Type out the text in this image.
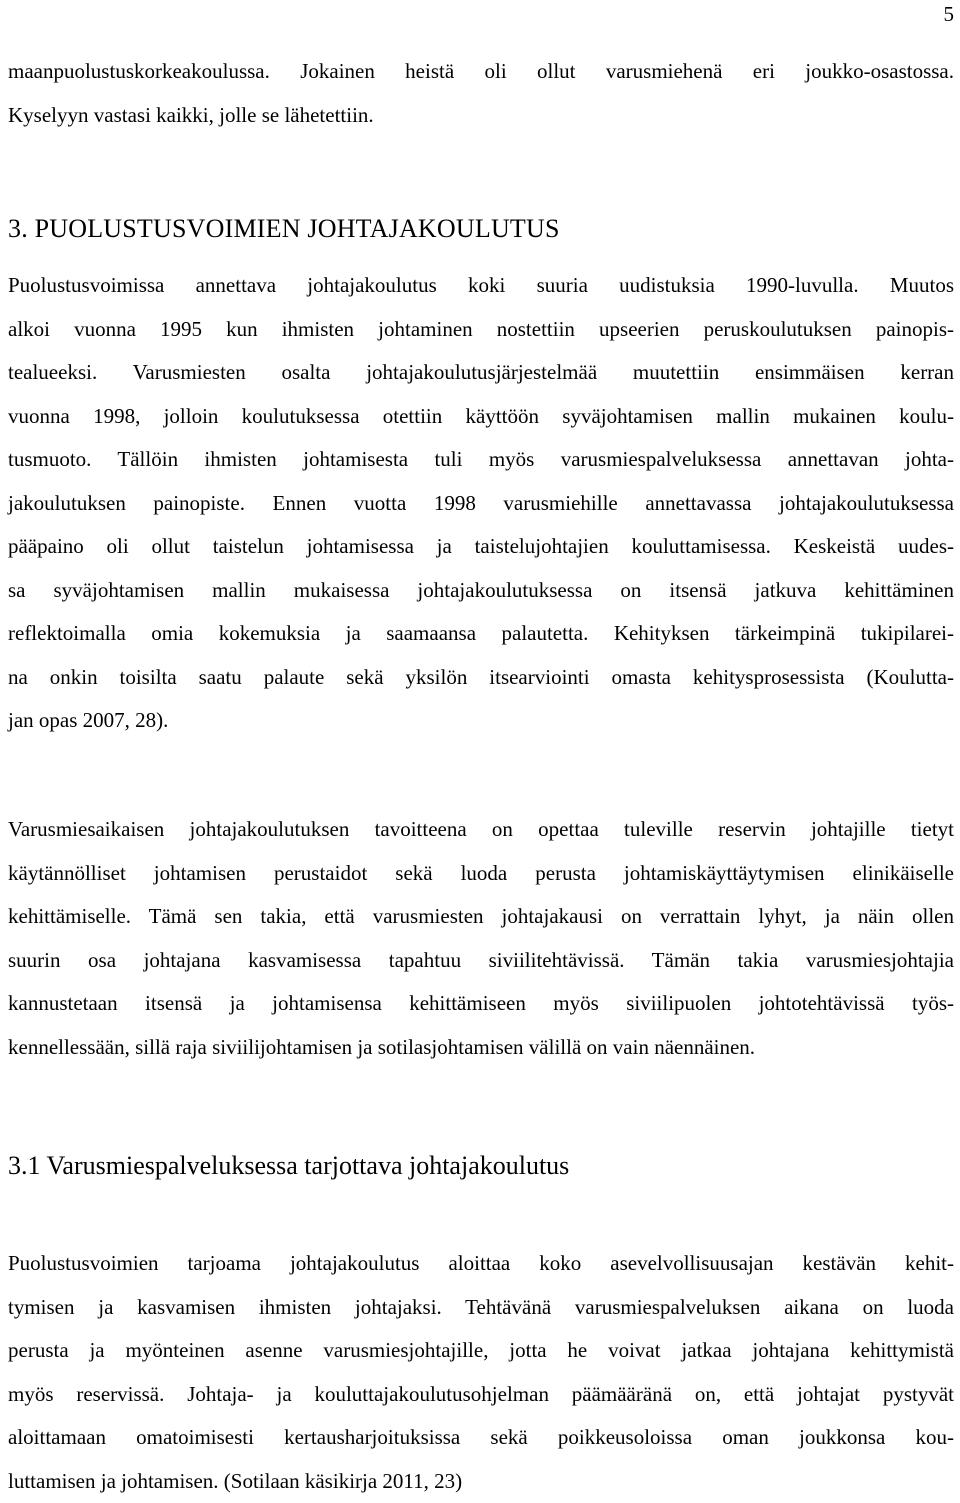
5
maanpuolustuskorkeakoulussa. Jokainen heistä oli ollut varusmiehenä eri joukko-osastossa.
Kyselyyn vastasi kaikki, jolle se lähetettiin.
3. PUOLUSTUSVOIMIEN JOHTAJAKOULUTUS
Puolustusvoimissa annettava johtajakoulutus koki suuria uudistuksia 1990-luvulla. Muutos
alkoi vuonna 1995 kun ihmisten johtaminen nostettiin upseerien peruskoulutuksen painopis-
tealueeksi. Varusmiesten osalta johtajakoulutusjärjestelmää muutettiin ensimmäisen kerran
vuonna 1998, jolloin koulutuksessa otettiin käyttöön syväjohtamisen mallin mukainen koulu-
tusmuoto. Tällöin ihmisten johtamisesta tuli myös varusmiespalveluksessa annettavan johta-
jakoulutuksen painopiste. Ennen vuotta 1998 varusmiehille annettavassa johtajakoulutuksessa
pääpaino oli ollut taistelun johtamisessa ja taistelujohtajien kouluttamisessa. Keskeistä uudes-
sa syväjohtamisen mallin mukaisessa johtajakoulutuksessa on itsensä jatkuva kehittäminen
reflektoimalla omia kokemuksia ja saamaansa palautetta. Kehityksen tärkeimpinä tukipilarei-
na onkin toisilta saatu palaute sekä yksilön itsearviointi omasta kehitysprosessista (Koulutta-
jan opas 2007, 28).
Varusmiesaikaisen johtajakoulutuksen tavoitteena on opettaa tuleville reservin johtajille tietyt
käytännölliset johtamisen perustaidot sekä luoda perusta johtamiskäyttäytymisen elinikäiselle
kehittämiselle. Tämä sen takia, että varusmiesten johtajakausi on verrattain lyhyt, ja näin ollen
suurin osa johtajana kasvamisessa tapahtuu siviilitehtävissä. Tämän takia varusmiesjohtajia
kannustetaan itsensä ja johtamisensa kehittämiseen myös siviilipuolen johtotehtävissä työs-
kennellessään, sillä raja siviilijohtamisen ja sotilasjohtamisen välillä on vain näennäinen.
3.1 Varusmiespalveluksessa tarjottava johtajakoulutus
Puolustusvoimien tarjoama johtajakoulutus aloittaa koko asevelvollisuusajan kestävän kehit-
tymisen ja kasvamisen ihmisten johtajaksi. Tehtävänä varusmiespalveluksen aikana on luoda
perusta ja myönteinen asenne varusmiesjohtajille, jotta he voivat jatkaa johtajana kehittymistä
myös reservissä. Johtaja- ja kouluttajakoulutusohjelman päämääränä on, että johtajat pystyvät
aloittamaan omatoimisesti kertausharjoituksissa sekä poikkeusoloissa oman joukkonsa kou-
luttamisen ja johtamisen. (Sotilaan käsikirja 2011, 23)
